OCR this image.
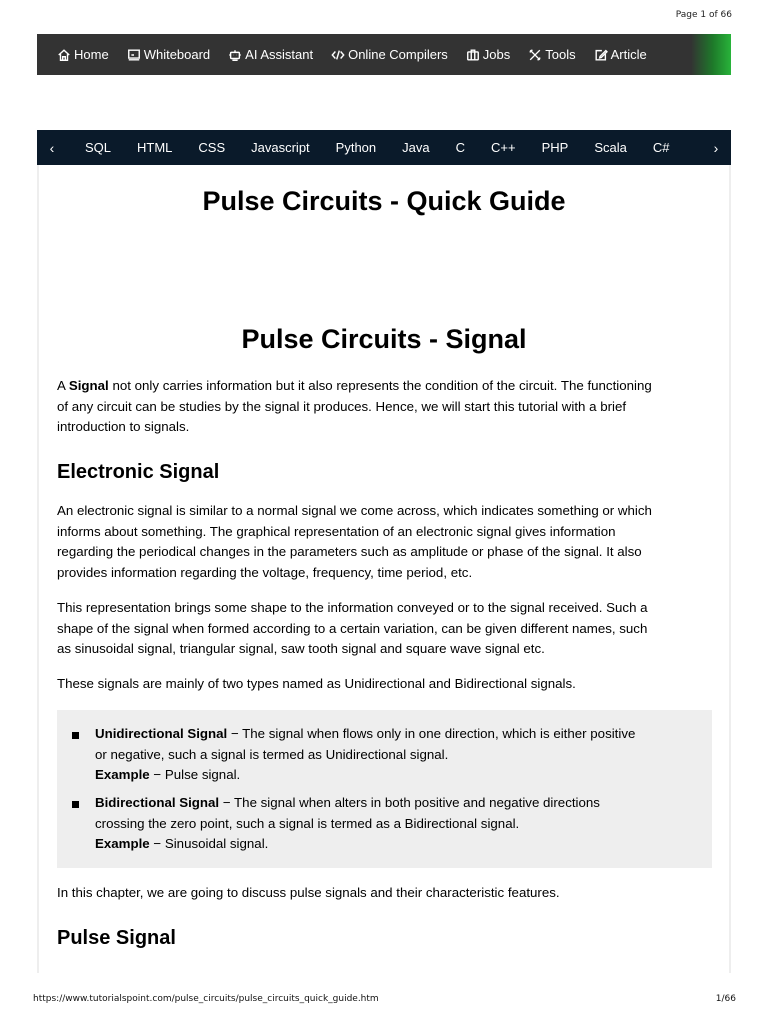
Page 1 of 66
Home	Whiteboard	AI Assistant	Online Compilers	Jobs	Tools	Article
‹	SQL HTML CSS Javascript Python Java C C++ PHP Scala C#	›
Pulse Circuits - Quick Guide
Pulse Circuits - Signal

A Signal not only carries information but it also represents the condition of the circuit. The functioning
of any circuit can be studies by the signal it produces. Hence, we will start this tutorial with a brief
introduction to signals.

Electronic Signal

An electronic signal is similar to a normal signal we come across, which indicates something or which
informs about something. The graphical representation of an electronic signal gives information
regarding the periodical changes in the parameters such as amplitude or phase of the signal. It also
provides information regarding the voltage, frequency, time period, etc.

This representation brings some shape to the information conveyed or to the signal received. Such a
shape of the signal when formed according to a certain variation, can be given different names, such
as sinusoidal signal, triangular signal, saw tooth signal and square wave signal etc.

These signals are mainly of two types named as Unidirectional and Bidirectional signals.

Unidirectional Signal − The signal when flows only in one direction, which is either positive
or negative, such a signal is termed as Unidirectional signal.
Example − Pulse signal.
Bidirectional Signal − The signal when alters in both positive and negative directions
crossing the zero point, such a signal is termed as a Bidirectional signal.
Example − Sinusoidal signal.

In this chapter, we are going to discuss pulse signals and their characteristic features.

Pulse Signal
https://www.tutorialspoint.com/pulse_circuits/pulse_circuits_quick_guide.htm	1/66
